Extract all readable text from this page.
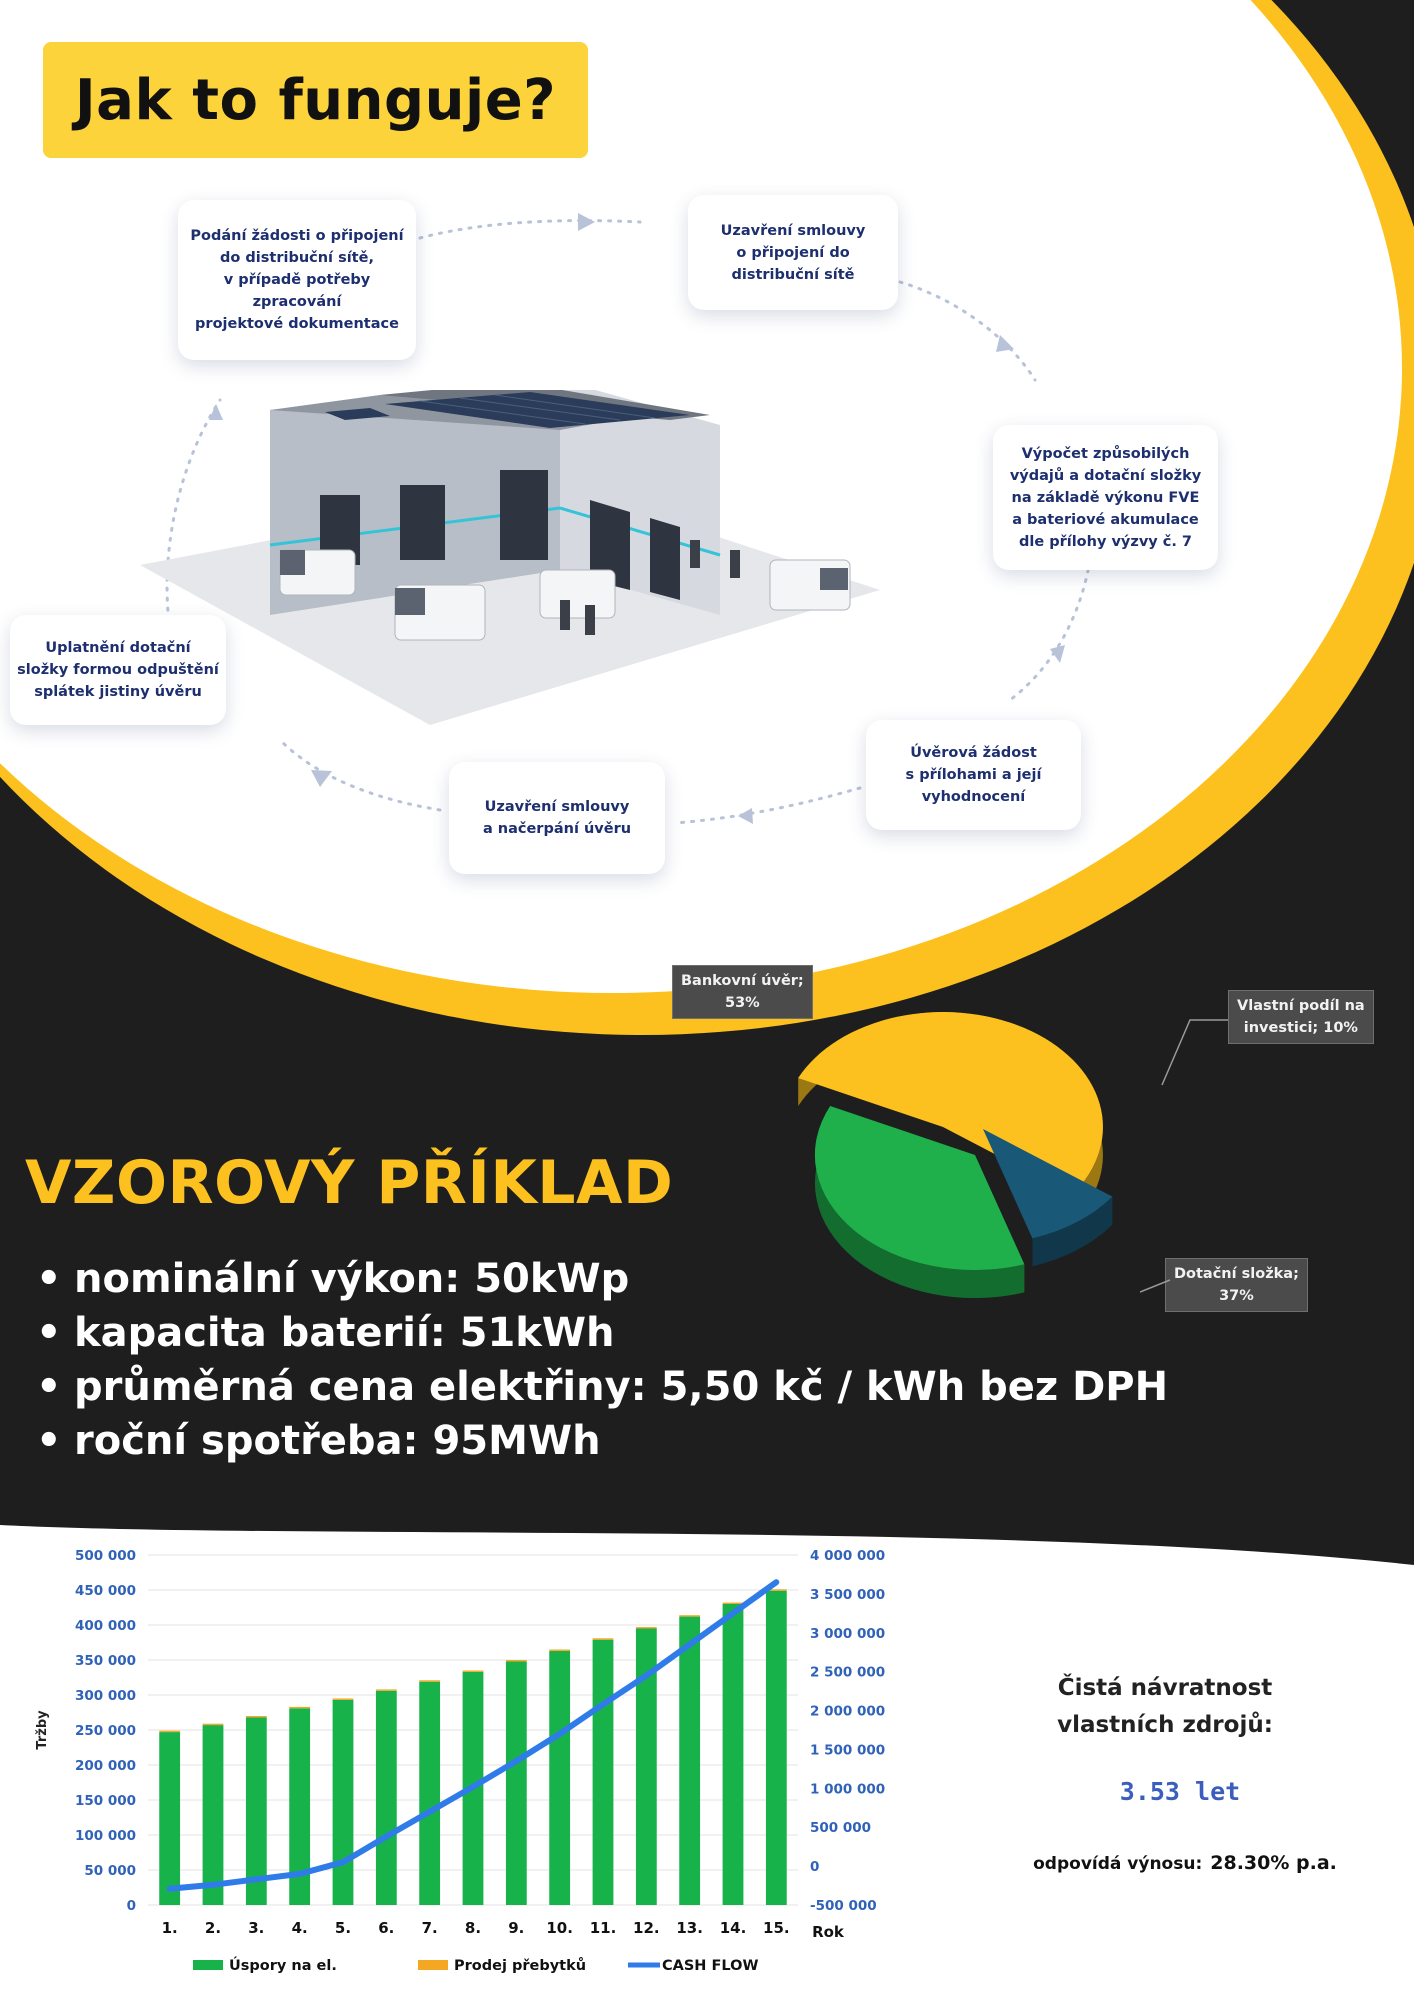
Jak to funguje?
Podání žádosti o připojení
do distribuční sítě,
v případě potřeby
zpracování
projektové dokumentace
Uzavření smlouvy
o připojení do
distribuční sítě
Výpočet způsobilých
výdajů a dotační složky
na základě výkonu FVE
a bateriové akumulace
dle přílohy výzvy č. 7
Úvěrová žádost
s přílohami a její
vyhodnocení
Uzavření smlouvy
a načerpání úvěru
Uplatnění dotační
složky formou odpuštění
splátek jistiny úvěru
Bankovní úvěr;
53%	Vlastní podíl na
investici; 10%
Dotační složka;
37%
VZOROVÝ PŘÍKLAD
• nominální výkon: 50kWp
• kapacita baterií: 51kWh
• průměrná cena elektřiny: 5,50 kč / kWh bez DPH
• roční spotřeba: 95MWh
0
50 000
100 000
150 000
200 000
250 000
300 000
350 000
400 000
450 000
500 000
-500 000
0
500 000
1 000 000
1 500 000
2 000 000
2 500 000
3 000 000
3 500 000
4 000 000
Tržby
1. 2. 3. 4. 5. 6. 7. 8. 9. 10. 11. 12. 13. 14. 15. Rok
Úspory na el.	Prodej přebytků	CASH FLOW
Čistá návratnost
vlastních zdrojů:
3.53 let
odpovídá výnosu: 28.30% p.a.
